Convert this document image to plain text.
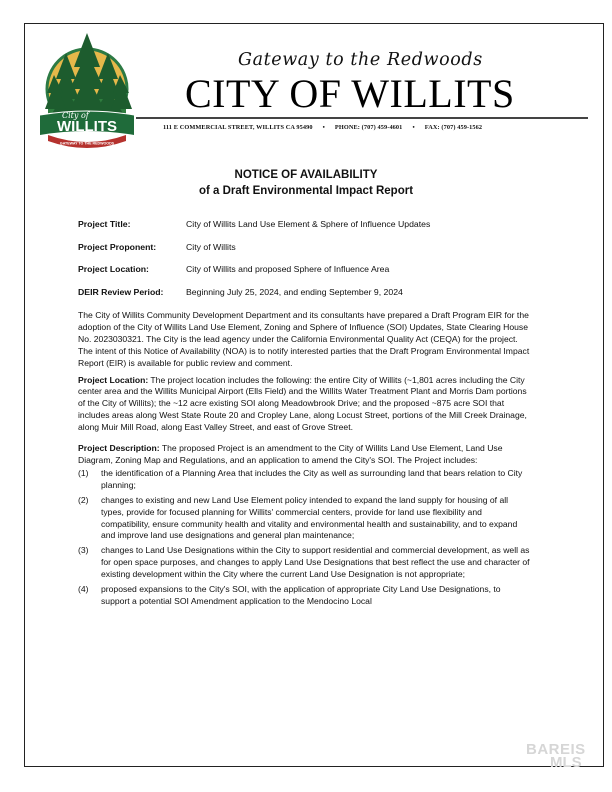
City of
WILLITS
GATEWAY TO THE REDWOODS
Gateway to the Redwoods
CITY OF WILLITS
111 E COMMERCIAL STREET, WILLITS CA 95490 • PHONE: (707) 459-4601 • FAX: (707) 459-1562
NOTICE OF AVAILABILITY
of a Draft Environmental Impact Report
Project Title:	City of Willits Land Use Element & Sphere of Influence Updates
Project Proponent:	City of Willits
Project Location:	City of Willits and proposed Sphere of Influence Area
DEIR Review Period:	Beginning July 25, 2024, and ending September 9, 2024

The City of Willits Community Development Department and its consultants have prepared a Draft Program EIR for the adoption of the City of Willits Land Use Element, Zoning and Sphere of Influence (SOI) Updates, State Clearing House No. 2023030321. The City is the lead agency under the California Environmental Quality Act (CEQA) for the project. The intent of this Notice of Availability (NOA) is to notify interested parties that the Draft Program Environmental Impact Report (EIR) is available for public review and comment.

Project Location: The project location includes the following: the entire City of Willits (~1,801 acres including the City center area and the Willits Municipal Airport (Ells Field) and the Willits Water Treatment Plant and Morris Dam portions of the City of Willits); the ~12 acre existing SOI along Meadowbrook Drive; and the proposed ~875 acre SOI that includes areas along West State Route 20 and Cropley Lane, along Locust Street, portions of the Mill Creek Drainage, along Muir Mill Road, along East Valley Street, and east of Grove Street.

Project Description: The proposed Project is an amendment to the City of Willits Land Use Element, Land Use Diagram, Zoning Map and Regulations, and an application to amend the City's SOI. The Project includes:

(1) the identification of a Planning Area that includes the City as well as surrounding land that bears relation to City planning;
(2) changes to existing and new Land Use Element policy intended to expand the land supply for housing of all types, provide for focused planning for Willits' commercial centers, provide for land use flexibility and compatibility, ensure community health and vitality and environmental health and sustainability, and to expand and improve land use designations and general plan maintenance;
(3) changes to Land Use Designations within the City to support residential and commercial development, as well as for open space purposes, and changes to apply Land Use Designations that best reflect the use and character of existing development within the City where the current Land Use Designation is not appropriate;
(4) proposed expansions to the City's SOI, with the application of appropriate City Land Use Designations, to support a potential SOI Amendment application to the Mendocino Local
BAREIS
MLS
